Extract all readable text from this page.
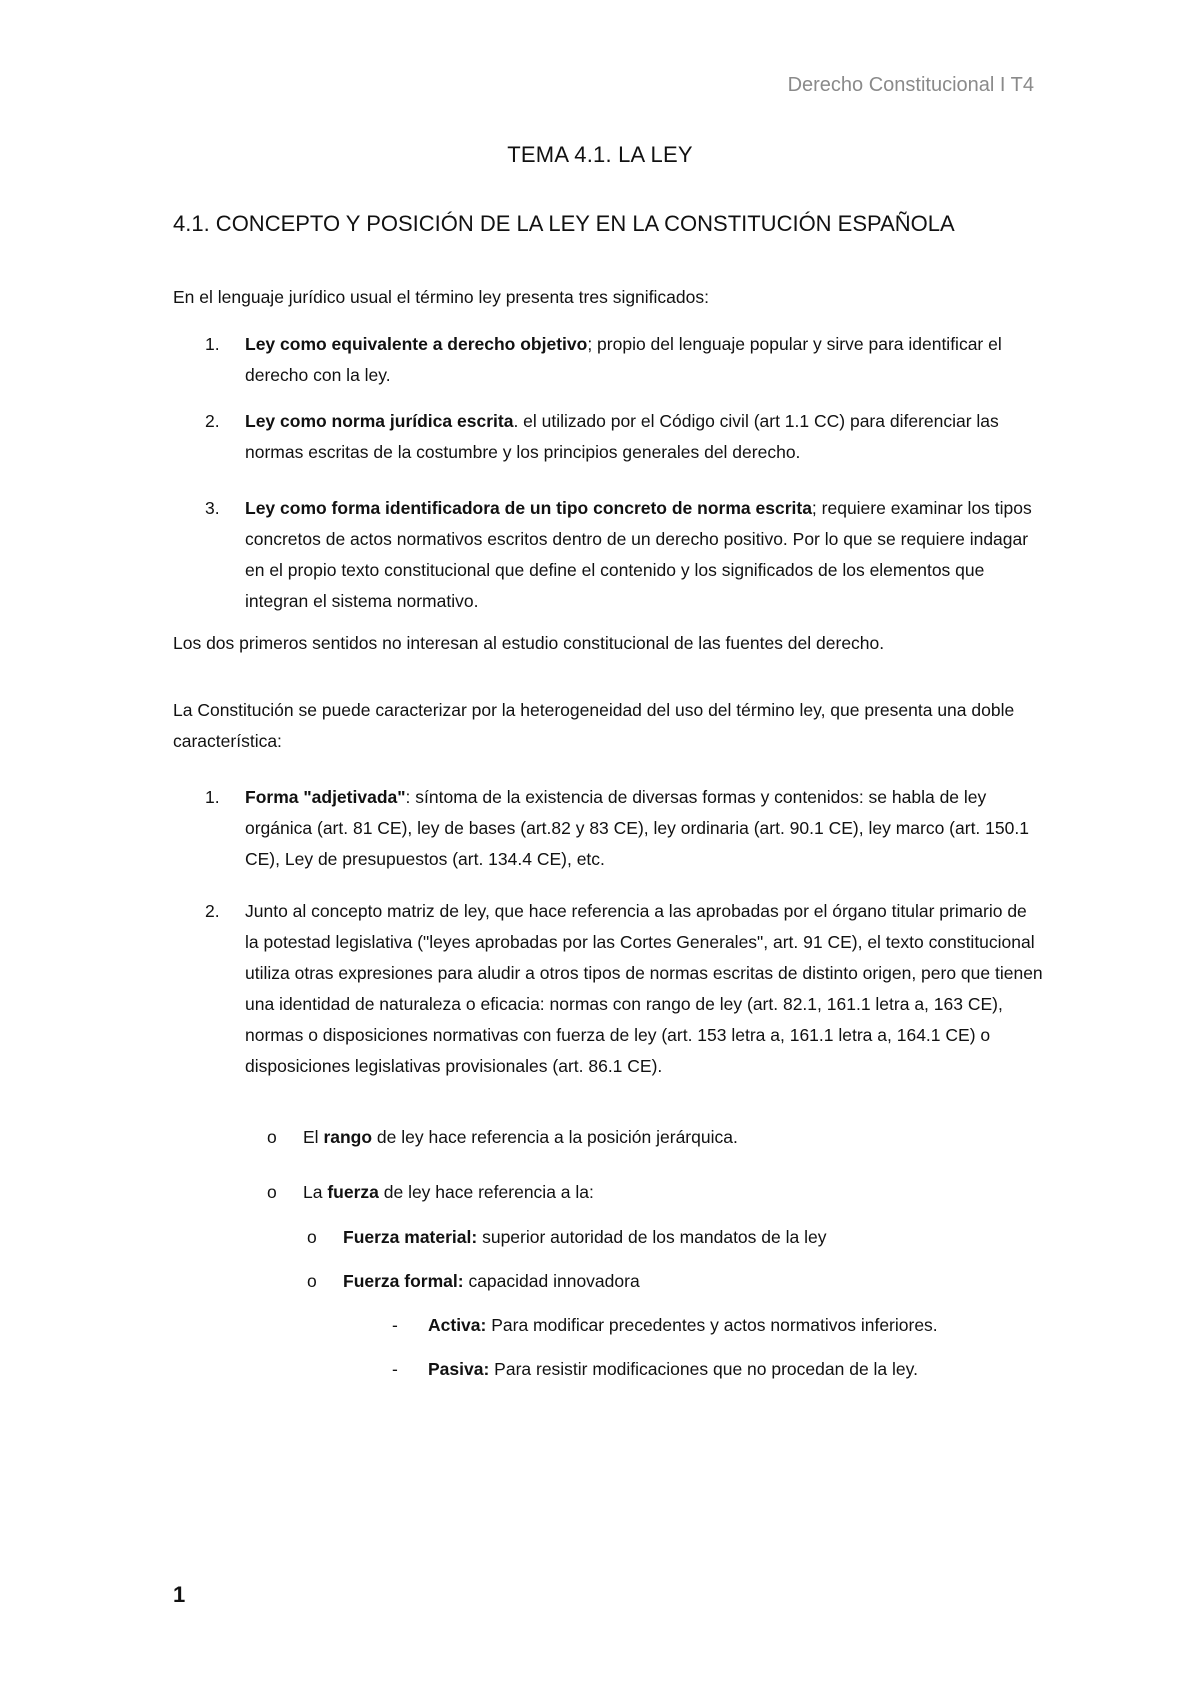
Derecho Constitucional I T4
TEMA 4.1. LA LEY
4.1. CONCEPTO Y POSICIÓN DE LA LEY EN LA CONSTITUCIÓN ESPAÑOLA
En el lenguaje jurídico usual el término ley presenta tres significados:
1. Ley como equivalente a derecho objetivo; propio del lenguaje popular y sirve para identificar el derecho con la ley.
2. Ley como norma jurídica escrita. el utilizado por el Código civil (art 1.1 CC) para diferenciar las normas escritas de la costumbre y los principios generales del derecho.
3. Ley como forma identificadora de un tipo concreto de norma escrita; requiere examinar los tipos concretos de actos normativos escritos dentro de un derecho positivo. Por lo que se requiere indagar en el propio texto constitucional que define el contenido y los significados de los elementos que integran el sistema normativo.
Los dos primeros sentidos no interesan al estudio constitucional de las fuentes del derecho.
La Constitución se puede caracterizar por la heterogeneidad del uso del término ley, que presenta una doble característica:
1. Forma "adjetivada": síntoma de la existencia de diversas formas y contenidos: se habla de ley orgánica (art. 81 CE), ley de bases (art.82 y 83 CE), ley ordinaria (art. 90.1 CE), ley marco (art. 150.1 CE), Ley de presupuestos (art. 134.4 CE), etc.
2. Junto al concepto matriz de ley, que hace referencia a las aprobadas por el órgano titular primario de la potestad legislativa ("leyes aprobadas por las Cortes Generales", art. 91 CE), el texto constitucional utiliza otras expresiones para aludir a otros tipos de normas escritas de distinto origen, pero que tienen una identidad de naturaleza o eficacia: normas con rango de ley (art. 82.1, 161.1 letra a, 163 CE), normas o disposiciones normativas con fuerza de ley (art. 153 letra a, 161.1 letra a, 164.1 CE) o disposiciones legislativas provisionales (art. 86.1 CE).
o El rango de ley hace referencia a la posición jerárquica.
o La fuerza de ley hace referencia a la:
o Fuerza material: superior autoridad de los mandatos de la ley
o Fuerza formal: capacidad innovadora
- Activa: Para modificar precedentes y actos normativos inferiores.
- Pasiva: Para resistir modificaciones que no procedan de la ley.
1
